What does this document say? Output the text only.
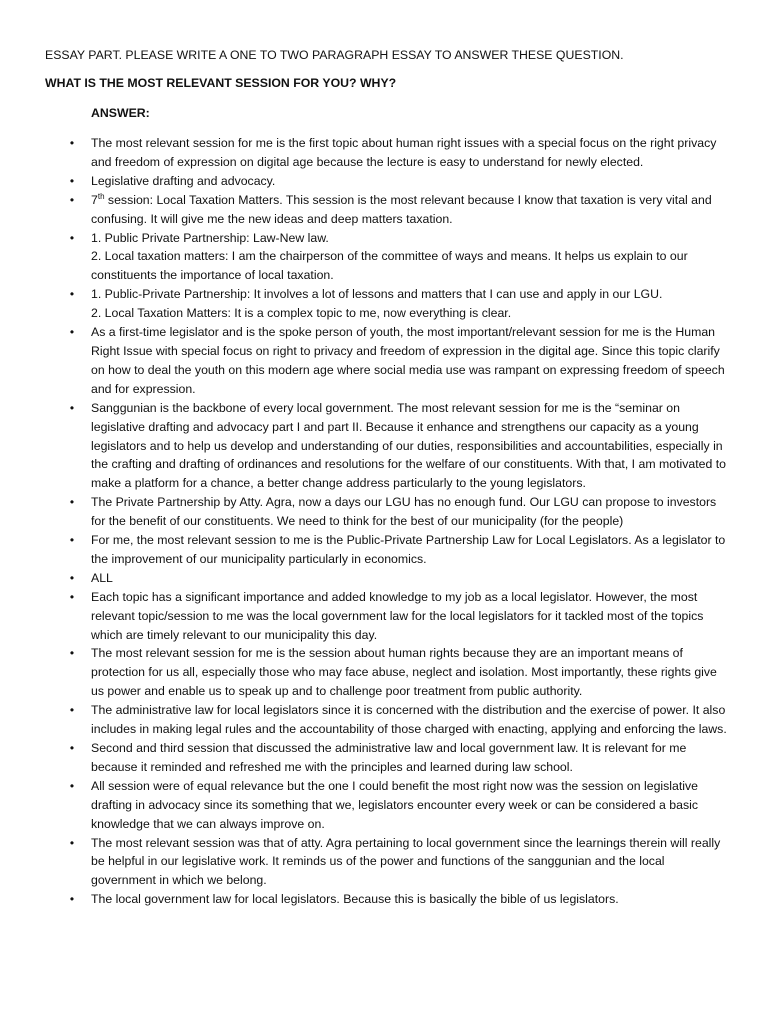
ESSAY PART. PLEASE WRITE A ONE TO TWO PARAGRAPH ESSAY TO ANSWER THESE QUESTION.
WHAT IS THE MOST RELEVANT SESSION FOR YOU? WHY?
ANSWER:
• The most relevant session for me is the first topic about human right issues with a special focus on the right privacy and freedom of expression on digital age because the lecture is easy to understand for newly elected.

• Legislative drafting and advocacy.

• 7th session: Local Taxation Matters. This session is the most relevant because I know that taxation is very vital and confusing. It will give me the new ideas and deep matters taxation.

• 1. Public Private Partnership: Law-New law.

2. Local taxation matters: I am the chairperson of the committee of ways and means. It helps us explain to our constituents the importance of local taxation.

• 1. Public-Private Partnership: It involves a lot of lessons and matters that I can use and apply in our LGU.

2. Local Taxation Matters: It is a complex topic to me, now everything is clear.

• As a first-time legislator and is the spoke person of youth, the most important/relevant session for me is the Human Right Issue with special focus on right to privacy and freedom of expression in the digital age. Since this topic clarify on how to deal the youth on this modern age where social media use was rampant on expressing freedom of speech and for expression.

• Sanggunian is the backbone of every local government. The most relevant session for me is the “seminar on legislative drafting and advocacy part I and part II. Because it enhance and strengthens our capacity as a young legislators and to help us develop and understanding of our duties, responsibilities and accountabilities, especially in the crafting and drafting of ordinances and resolutions for the welfare of our constituents. With that, I am motivated to make a platform for a chance, a better change address particularly to the young legislators.

• The Private Partnership by Atty. Agra, now a days our LGU has no enough fund. Our LGU can propose to investors for the benefit of our constituents. We need to think for the best of our municipality (for the people)

• For me, the most relevant session to me is the Public-Private Partnership Law for Local Legislators. As a legislator to the improvement of our municipality particularly in economics.

• ALL

• Each topic has a significant importance and added knowledge to my job as a local legislator. However, the most relevant topic/session to me was the local government law for the local legislators for it tackled most of the topics which are timely relevant to our municipality this day.

• The most relevant session for me is the session about human rights because they are an important means of protection for us all, especially those who may face abuse, neglect and isolation. Most importantly, these rights give us power and enable us to speak up and to challenge poor treatment from public authority.

• The administrative law for local legislators since it is concerned with the distribution and the exercise of power. It also includes in making legal rules and the accountability of those charged with enacting, applying and enforcing the laws.

• Second and third session that discussed the administrative law and local government law. It is relevant for me because it reminded and refreshed me with the principles and learned during law school.

• All session were of equal relevance but the one I could benefit the most right now was the session on legislative drafting in advocacy since its something that we, legislators encounter every week or can be considered a basic knowledge that we can always improve on.

• The most relevant session was that of atty. Agra pertaining to local government since the learnings therein will really be helpful in our legislative work. It reminds us of the power and functions of the sanggunian and the local government in which we belong.

• The local government law for local legislators. Because this is basically the bible of us legislators.
